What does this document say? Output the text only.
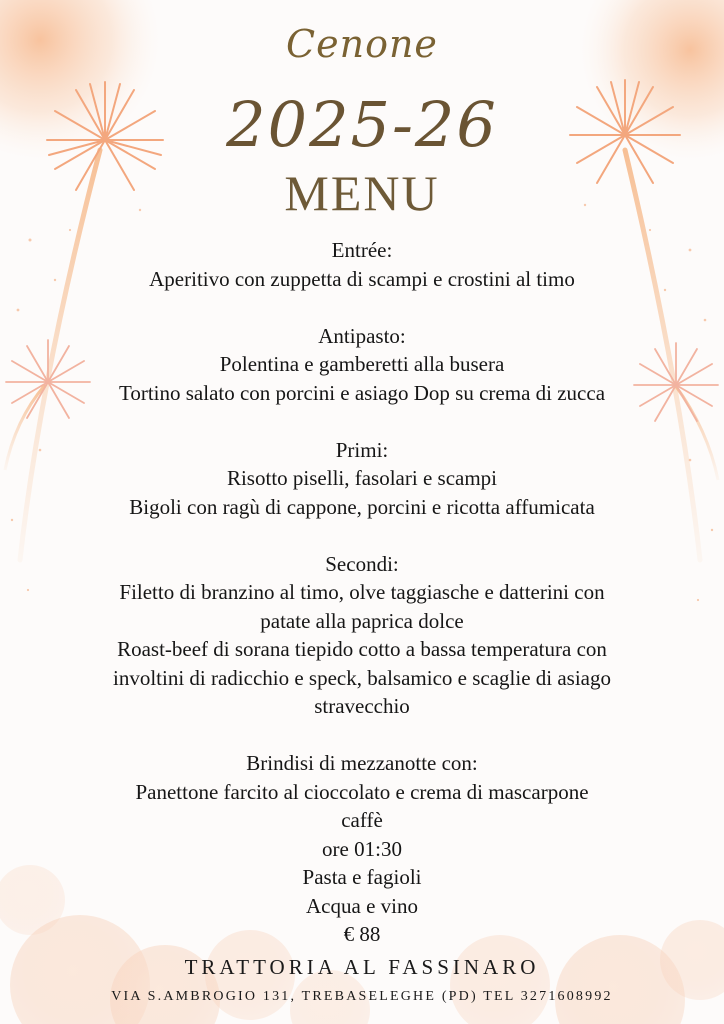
Cenone
2025-26
MENU
Entrée:
Aperitivo con zuppetta di scampi e crostini al timo
Antipasto:
Polentina e gamberetti alla busera
Tortino salato con porcini e asiago Dop su crema di zucca
Primi:
Risotto piselli, fasolari e scampi
Bigoli con ragù di cappone, porcini e ricotta affumicata
Secondi:
Filetto di branzino al timo, olve taggiasche e datterini con
patate alla paprica dolce
Roast-beef di sorana tiepido cotto a bassa temperatura con
involtini di radicchio e speck, balsamico e scaglie di asiago
stravecchio
Brindisi di mezzanotte con:
Panettone farcito al cioccolato e crema di mascarpone
caffè
ore 01:30
Pasta e fagioli
Acqua e vino
€ 88
TRATTORIA AL FASSINARO
VIA S.AMBROGIO 131, TREBASELEGHE (PD) TEL 3271608992
